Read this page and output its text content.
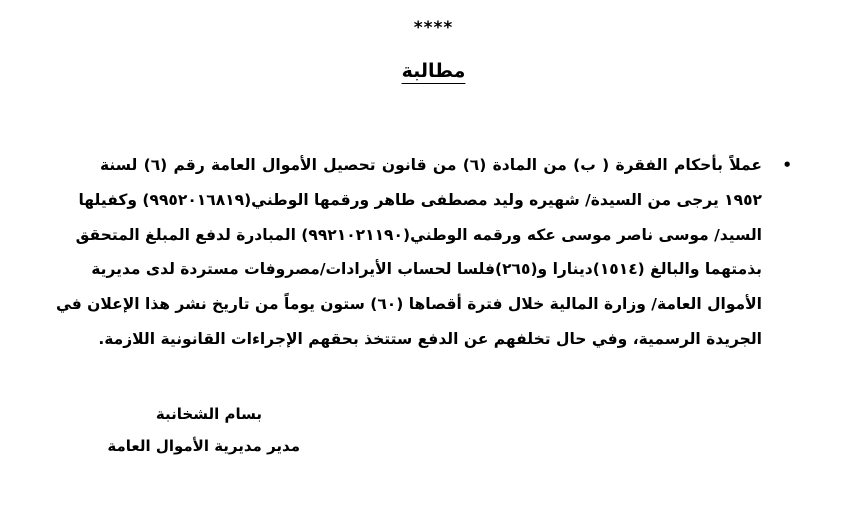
****
مطالبة
•
عملاً بأحكام الفقرة ( ب) من المادة (٦) من قانون تحصيل الأموال العامة رقم (٦) لسنة
١٩٥٢ يرجى من السيدة/ شهيره وليد مصطفى طاهر ورقمها الوطني(٩٩٥٢٠١٦٨١٩) وكفيلها
السيد/ موسى ناصر موسى عكه ورقمه الوطني(٩٩٢١٠٢١١٩٠) المبادرة لدفع المبلغ المتحقق
بذمتهما والبالغ (١٥١٤)دينارا و(٢٦٥)فلسا لحساب الأيرادات/مصروفات مستردة لدى مديرية
الأموال العامة/ وزارة المالية خلال فترة أقصاها (٦٠) ستون يوماً من تاريخ نشر هذا الإعلان في
الجريدة الرسمية، وفي حال تخلفهم عن الدفع ستتخذ بحقهم الإجراءات القانونية اللازمة.
بسام الشخانبة
مدير مديرية الأموال العامة
